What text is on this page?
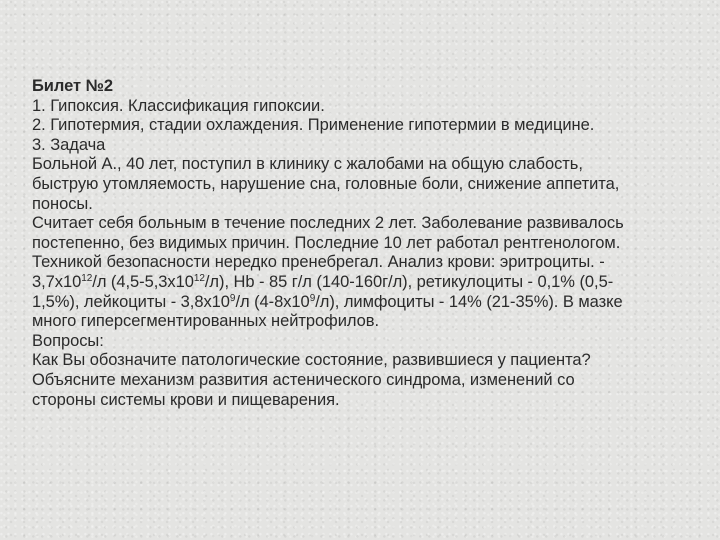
Билет №2
1. Гипоксия. Классификация гипоксии.
2. Гипотермия, стадии охлаждения. Применение гипотермии в медицине.
3. Задача
Больной А., 40 лет, поступил в клинику с жалобами на общую слабость,
быструю утомляемость, нарушение сна, головные боли, снижение аппетита,
поносы.
Считает себя больным в течение последних 2 лет. Заболевание развивалось
постепенно, без видимых причин. Последние 10 лет работал рентгенологом.
Техникой безопасности нередко пренебрегал. Анализ крови: эритроциты. -
$3,7х10^{12}/л$ $(4,5-5,3х10^{12}/л)$, Hb - 85 г/л (140-160г/л), ретикулоциты - 0,1% (0,5-
1,5%), лейкоциты - $3,8х10^9/л$ $(4-8х10^9/л)$, лимфоциты - 14% (21-35%). В мазке
много гиперсегментированных нейтрофилов.
Вопросы:
Как Вы обозначите патологические состояние, развившиеся у пациента?
Объясните механизм развития астенического синдрома, изменений со
стороны системы крови и пищеварения.
